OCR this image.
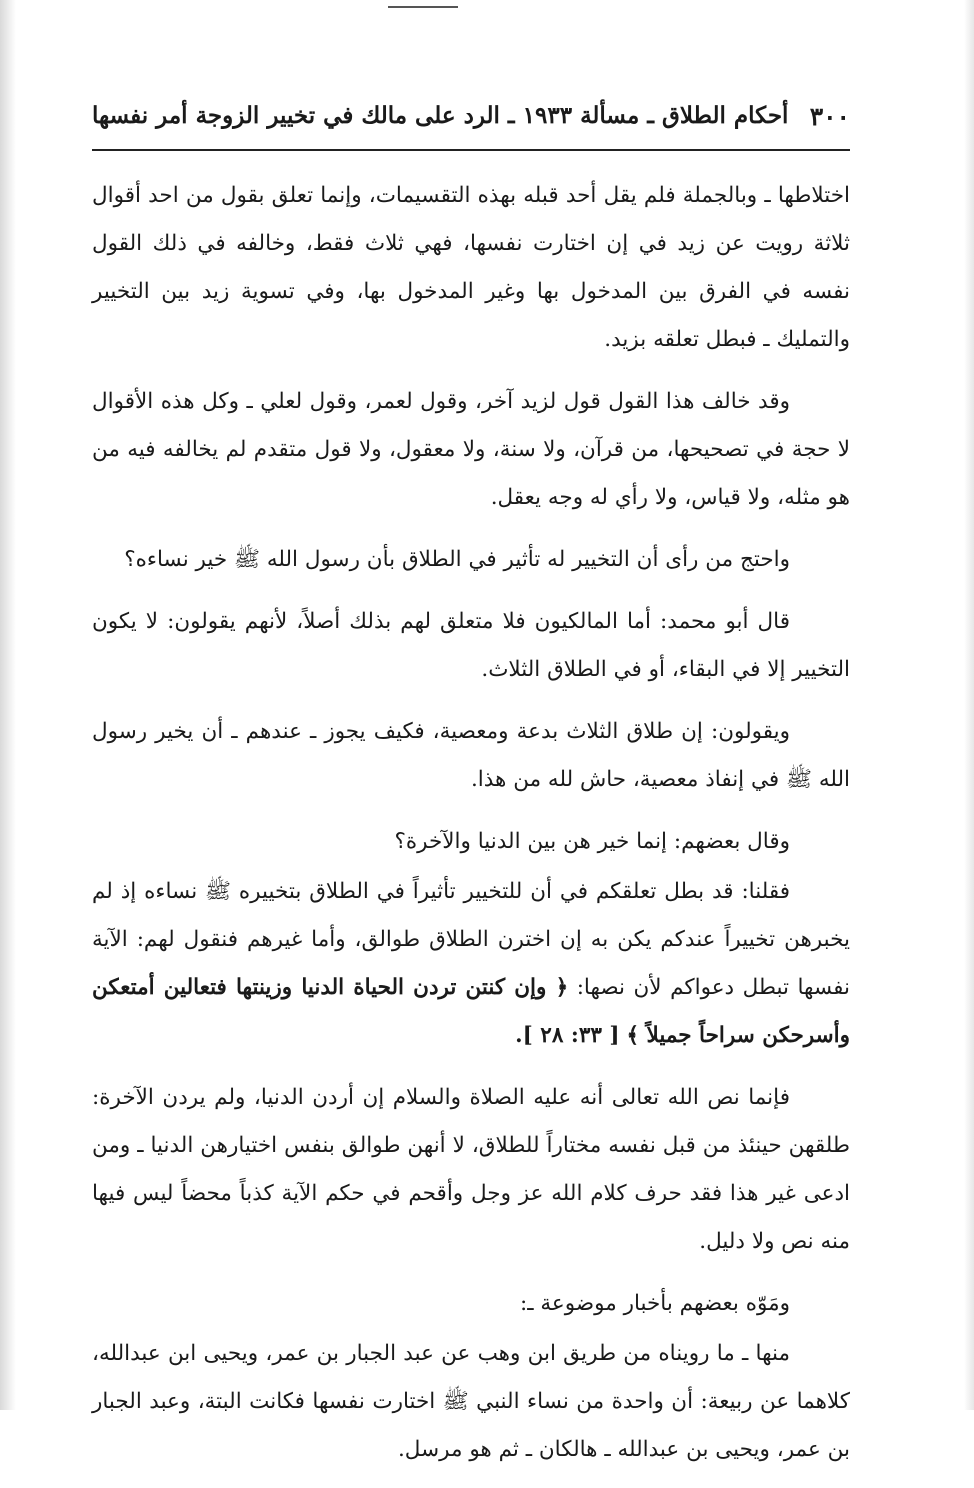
٣٠٠
أحكام الطلاق ـ مسألة ١٩٣٣ ـ الرد على مالك في تخيير الزوجة أمر نفسها

اختلاطها ـ وبالجملة فلم يقل أحد قبله بهذه التقسيمات، وإنما تعلق بقول من احد أقوال ثلاثة رويت عن زيد في إن اختارت نفسها، فهي ثلاث فقط، وخالفه في ذلك القول نفسه في الفرق بين المدخول بها وغير المدخول بها، وفي تسوية زيد بين التخيير والتمليك ـ فبطل تعلقه بزيد.

وقد خالف هذا القول قول لزيد آخر، وقول لعمر، وقول لعلي ـ وكل هذه الأقوال لا حجة في تصحيحها، من قرآن، ولا سنة، ولا معقول، ولا قول متقدم لم يخالفه فيه من هو مثله، ولا قياس، ولا رأي له وجه يعقل.

واحتج من رأى أن التخيير له تأثير في الطلاق بأن رسول الله ﷺ خير نساءه؟

قال أبو محمد: أما المالكيون فلا متعلق لهم بذلك أصلاً، لأنهم يقولون: لا يكون التخيير إلا في البقاء، أو في الطلاق الثلاث.

ويقولون: إن طلاق الثلاث بدعة ومعصية، فكيف يجوز ـ عندهم ـ أن يخير رسول الله ﷺ في إنفاذ معصية، حاش لله من هذا.

وقال بعضهم: إنما خير هن بين الدنيا والآخرة؟

فقلنا: قد بطل تعلقكم في أن للتخيير تأثيراً في الطلاق بتخييره ﷺ نساءه إذ لم يخبرهن تخييراً عندكم يكن به إن اخترن الطلاق طوالق، وأما غيرهم فنقول لهم: الآية نفسها تبطل دعواكم لأن نصها: ﴿ وإن كنتن تردن الحياة الدنيا وزينتها فتعالين أمتعكن وأسرحكن سراحاً جميلاً ﴾ [ ٣٣: ٢٨ ].

فإنما نص الله تعالى أنه عليه الصلاة والسلام إن أردن الدنيا، ولم يردن الآخرة: طلقهن حينئذ من قبل نفسه مختاراً للطلاق، لا أنهن طوالق بنفس اختيارهن الدنيا ـ ومن ادعى غير هذا فقد حرف كلام الله عز وجل وأقحم في حكم الآية كذباً محضاً ليس فيها منه نص ولا دليل.

ومَوّه بعضهم بأخبار موضوعة ـ:

منها ـ ما رويناه من طريق ابن وهب عن عبد الجبار بن عمر، ويحيى ابن عبدالله، كلاهما عن ربيعة: أن واحدة من نساء النبي ﷺ اختارت نفسها فكانت البتة، وعبد الجبار بن عمر، ويحيى بن عبدالله ـ هالكان ـ ثم هو مرسل.
